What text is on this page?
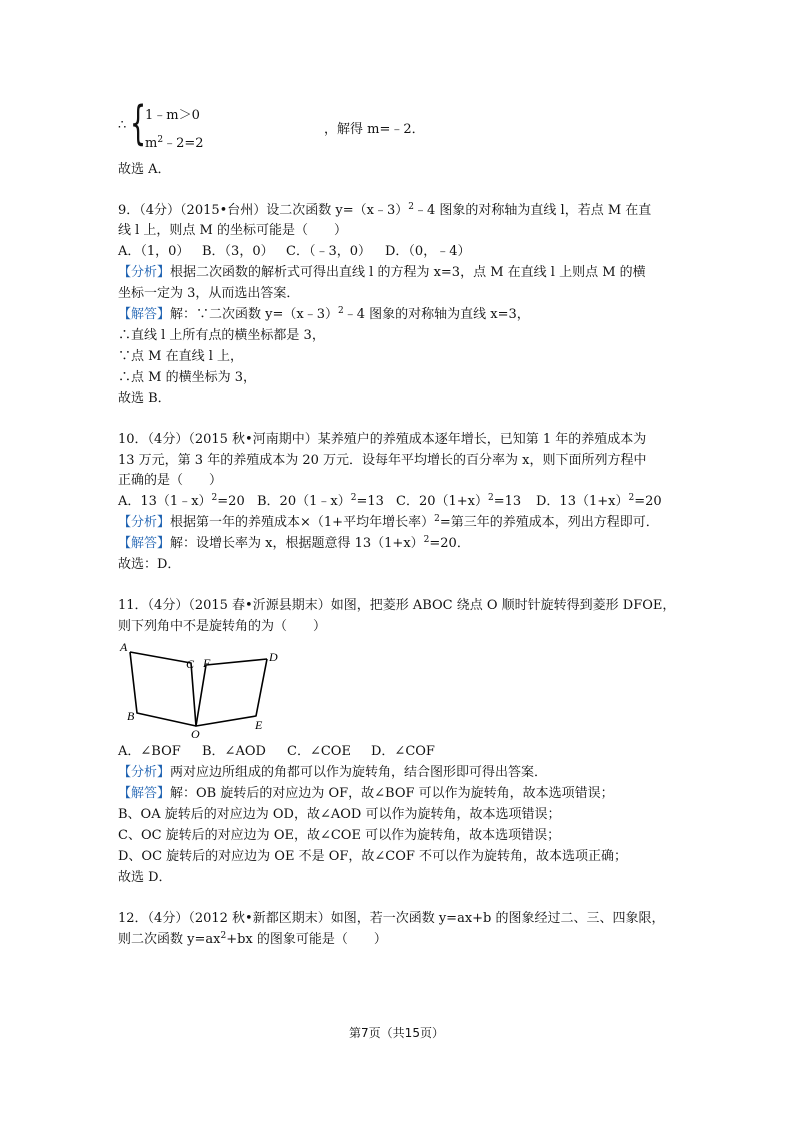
∴ {
1﹣m＞0
$m^2﹣2=2$
，解得 m=﹣2．
故选 A．
9．（4分）（2015•台州）设二次函数 y=（x﹣3）$^2$﹣4 图象的对称轴为直线 l，若点 M 在直
线 l 上，则点 M 的坐标可能是（　　）
A．（1，0） B．（3，0） C．（﹣3，0） D．（0，﹣4）
【分析】根据二次函数的解析式可得出直线 l 的方程为 x=3，点 M 在直线 l 上则点 M 的横
坐标一定为 3，从而选出答案．
【解答】解：∵二次函数 y=（x﹣3）$^2$﹣4 图象的对称轴为直线 x=3，
∴直线 l 上所有点的横坐标都是 3，
∵点 M 在直线 l 上，
∴点 M 的横坐标为 3，
故选 B．
10．（4分）（2015 秋•河南期中）某养殖户的养殖成本逐年增长，已知第 1 年的养殖成本为
13 万元，第 3 年的养殖成本为 20 万元．设每年平均增长的百分率为 x，则下面所列方程中
正确的是（　　）
A．13（1﹣x）$^2$=20 B．20（1﹣x）$^2$=13 C．$20(1+x)^2=13$ D．$13(1+x)^2=20$
【分析】根据第一年的养殖成本×（1+平均年增长率）$^2$=第三年的养殖成本，列出方程即可．
【解答】解：设增长率为 x，根据题意得 $13(1+x)^2=20$．
故选：D．
11．（4分）（2015 春•沂源县期末）如图，把菱形 ABOC 绕点 O 顺时针旋转得到菱形 DFOE，
则下列角中不是旋转角的为（　　）
A
B
C F	D
E
O
A．∠BOF B．∠AOD C．∠COE D．∠COF
【分析】两对应边所组成的角都可以作为旋转角，结合图形即可得出答案．
【解答】解：OB 旋转后的对应边为 OF，故∠BOF 可以作为旋转角，故本选项错误；
B、OA 旋转后的对应边为 OD，故∠AOD 可以作为旋转角，故本选项错误；
C、OC 旋转后的对应边为 OE，故∠COE 可以作为旋转角，故本选项错误；
D、OC 旋转后的对应边为 OE 不是 OF，故∠COF 不可以作为旋转角，故本选项正确；
故选 D．
12．（4分）（2012 秋•新都区期末）如图，若一次函数 y=ax+b 的图象经过二、三、四象限，
则二次函数 $y=ax^2+bx$ 的图象可能是（　　）
第7页（共15页）
